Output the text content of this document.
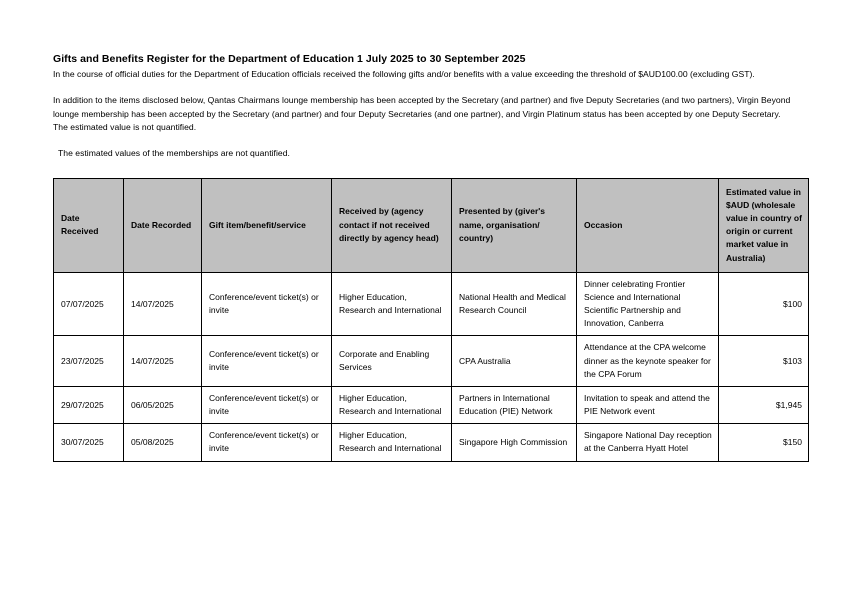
Gifts and Benefits Register for the Department of Education 1 July 2025 to 30 September 2025

In the course of official duties for the Department of Education officials received the following gifts and/or benefits with a value exceeding the threshold of $AUD100.00 (excluding GST).

In addition to the items disclosed below, Qantas Chairmans lounge membership has been accepted by the Secretary (and partner) and five Deputy Secretaries (and two partners), Virgin Beyond lounge membership has been accepted by the Secretary (and partner) and four Deputy Secretaries (and one partner), and Virgin Platinum status has been accepted by one Deputy Secretary. The estimated value is not quantified.

The estimated values of the memberships are not quantified.

Date Received	Date Recorded	Gift item/benefit/service	Received by (agency contact if not received directly by agency head)	Presented by (giver's name, organisation/ country)	Occasion	Estimated value in $AUD (wholesale value in country of origin or current market value in Australia)
07/07/2025	14/07/2025	Conference/event ticket(s) or invite	Higher Education, Research and International	National Health and Medical Research Council	Dinner celebrating Frontier Science and International Scientific Partnership and Innovation, Canberra	$100
23/07/2025	14/07/2025	Conference/event ticket(s) or invite	Corporate and Enabling Services	CPA Australia	Attendance at the CPA welcome dinner as the keynote speaker for the CPA Forum	$103
29/07/2025	06/05/2025	Conference/event ticket(s) or invite	Higher Education, Research and International	Partners in International Education (PIE) Network	Invitation to speak and attend the PIE Network event	$1,945
30/07/2025	05/08/2025	Conference/event ticket(s) or invite	Higher Education, Research and International	Singapore High Commission	Singapore National Day reception at the Canberra Hyatt Hotel	$150
